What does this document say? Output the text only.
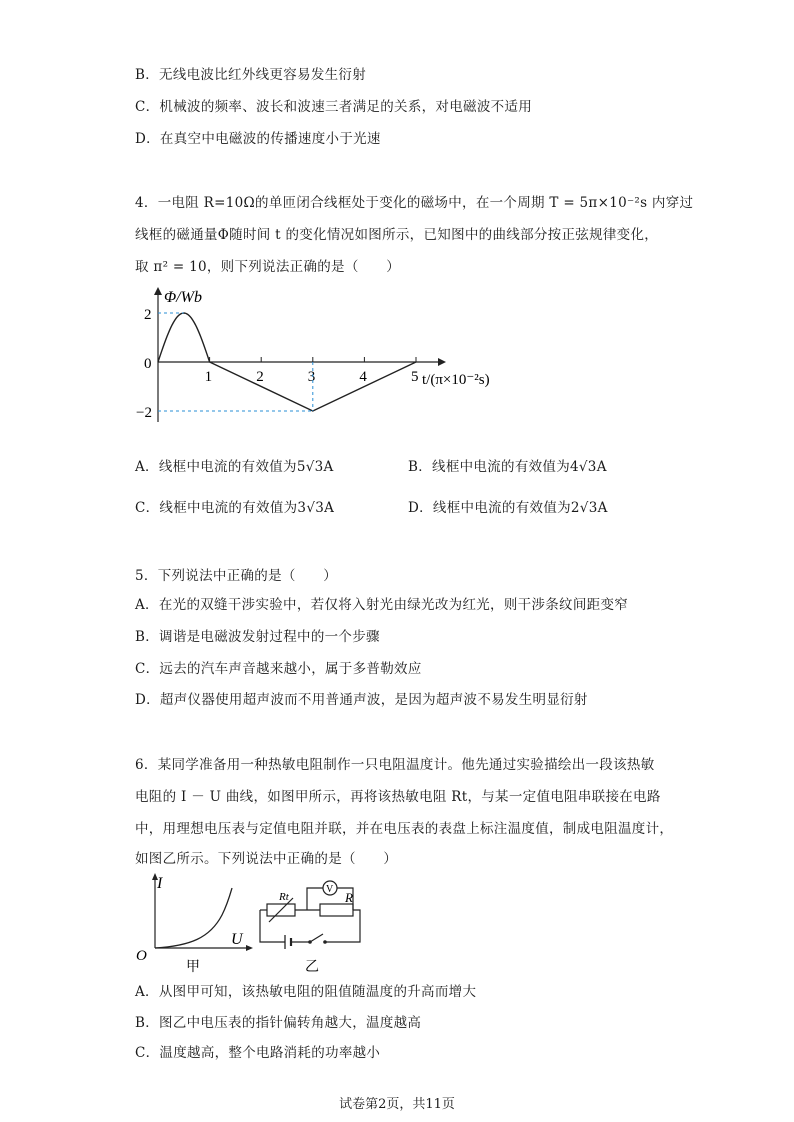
B．无线电波比红外线更容易发生衍射
C．机械波的频率、波长和波速三者满足的关系，对电磁波不适用
D．在真空中电磁波的传播速度小于光速
4．一电阻 R=10Ω的单匝闭合线框处于变化的磁场中，在一个周期 T = 5π×10⁻²s 内穿过
线框的磁通量Φ随时间 t 的变化情况如图所示，已知图中的曲线部分按正弦规律变化，
取 π² = 10，则下列说法正确的是（　　）
Φ/Wb
t/(π×10⁻²s)
1	2	3	4	5
2
0
−2
A．线框中电流的有效值为5√3A	B．线框中电流的有效值为4√3A
C．线框中电流的有效值为3√3A	D．线框中电流的有效值为2√3A
5．下列说法中正确的是（　　）
A．在光的双缝干涉实验中，若仅将入射光由绿光改为红光，则干涉条纹间距变窄
B．调谐是电磁波发射过程中的一个步骤
C．远去的汽车声音越来越小，属于多普勒效应
D．超声仪器使用超声波而不用普通声波，是因为超声波不易发生明显衍射
6．某同学准备用一种热敏电阻制作一只电阻温度计。他先通过实验描绘出一段该热敏
电阻的 I － U 曲线，如图甲所示，再将该热敏电阻 Rt，与某一定值电阻串联接在电路
中，用理想电压表与定值电阻并联，并在电压表的表盘上标注温度值，制成电阻温度计，
如图乙所示。下列说法中正确的是（　　）
I
U
O
甲
V
Rt	R
乙
A．从图甲可知，该热敏电阻的阻值随温度的升高而增大
B．图乙中电压表的指针偏转角越大，温度越高
C．温度越高，整个电路消耗的功率越小
试卷第2页，共11页
